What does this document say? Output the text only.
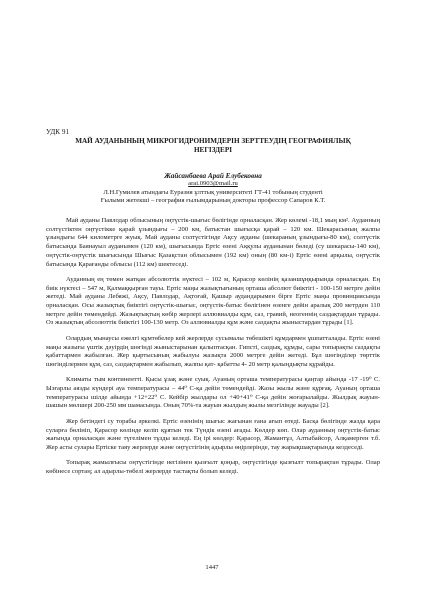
УДК 91
МАЙ АУДАНЫНЫҢ МИКРОГИДРОНИМДЕРІН ЗЕРТТЕУДІҢ ГЕОГРАФИЯЛЫҚ
НЕГІЗДЕРІ
Жайсанбаева Арай Елубековна
arai.0903@mail.ru
Л.Н.Гумилев атындағы Еуразия ұлттық университеті ГТ-41 тобының студенті
Ғылыми жетекші – география ғылымдарының докторы профессор Сапаров К.Т.

Май ауданы Павлодар облысының оңтүстік-шығыс бөлігінде орналасқан. Жер көлемі -18,1 мың км². Ауданның солтүстіктен оңтүстікке қарай ұзындығы – 200 км, батыстан шығысқа қарай – 120 км. Шекарасының жалпы ұзындығы 644 километрге жуық. Май ауданы солтүстігінде Ақсу ауданы (шекараның ұзындығы-80 км), солтүстік батысында Баянауыл ауданымен (120 км), шығысында Ертіс өзені Аққулы ауданынан бөледі (су шекарасы-140 км), оңтүстік-оңтүстік шығысында Шығыс Қазақстан облысымен (192 км) оның (80 км-і) Ертіс өзені арқылы, оңтүстік батысында Қарағанды облысы (112 км) шектеседі.

Ауданның ең төмен жатқан абсолюттік нүктесі – 102 м, Қарасор көлінің қазаншұңқырында орналасқан. Ең биік нүктесі – 547 м, Қалмаққырған тауы. Ертіс маңы жазықтығының орташа абсолют биіктігі - 100-150 метрге дейін жетеді. Май ауданы Лебяжі, Ақсу, Павлодар, Ақтоғай, Қашыр аудандарымен бірге Ертіс маңы провинциясында орналасқан. Осы жазықтық биіктігі оңтүстік-шығыс, оңтүстік-батыс бөлігінен өзенге дейін аралық 200 метрден 110 метрге дейін төмендейді. Жазықтықтың көбір жерлері аллювиалды құм, саз, гравий, неогеннің саздақтардан тұрады. Оз жазықтың абсолюттік биіктігі 100-130 метр. Оз аллювиалды құм және саздақты жыныстардан тұрады [1].

Олардың мынаусы ежелгі құмтөбелер кей жерлерде сусымалы төбешікті құмдармен ұшпатталады. Ертіс өзені маңы жазығы үштік дәуірдің шөгінді жыныстарынан қалыптасқан. Гипсті, саздық, құмды, сары топырақты саздақты қабаттармен жабылған. Жер қыртысының жабылуы жазықта 2000 метрге дейін жетеді. Бұл шөгінділер төрттік шөгінділермен құм, саз, саздақтармен жабылып, жалпы қат- қабатты 4- 20 метр қалыңдықты құрайды.

Климаты тым континентті. Қысы ұзақ және суық. Ауаның орташа температурасы қаңтар айында -17 -19⁰ С. Ызғарлы аязды күндері ауа температурасы – 44⁰ С-қа дейін төмендейді. Жазы жылы және құрғақ. Ауаның орташа температурасы шілде айында +12+22⁰ С. Кейбір жылдары ол +40+41⁰ С-қа дейін жоғарылайды. Жылдық жауын-шашын мөлшері 200-250 мм шамасында. Оның 70%-та жауын жылдың жылы мезгілінде жауады [2].

Жер бетіндегі су торабы әркелкі. Ертіс өзенінің шығыс жағынан ғана ағып өтеді. Басқа бөлігінде жазда қара суларға бөлініп, Қарасор көлінде келіп құятын тек Түндік өзені ағады. Көлдер көп. Олар ауданның оңтүстік-батыс жағында орналасқан және түгелімен тұзды келеді. Ең ірі көлдер: Қарасор, Жамантұз, Алтыбайсор, Алқамерген т.б. Жер асты сулары Ертіске таяу жерлерде және оңтүстігінің адырлы өңірлерінде, тау жарықшақтарында кездеседі.

Топырақ жамылғысы оңтүстігінде негізінен қызғылт қоңыр, оңтүстігінде қызғылт топырақтан тұрады. Олар көбінесе сортаң; ал адырлы-төбелі жерлерде тастақты болып келеді.

1447
